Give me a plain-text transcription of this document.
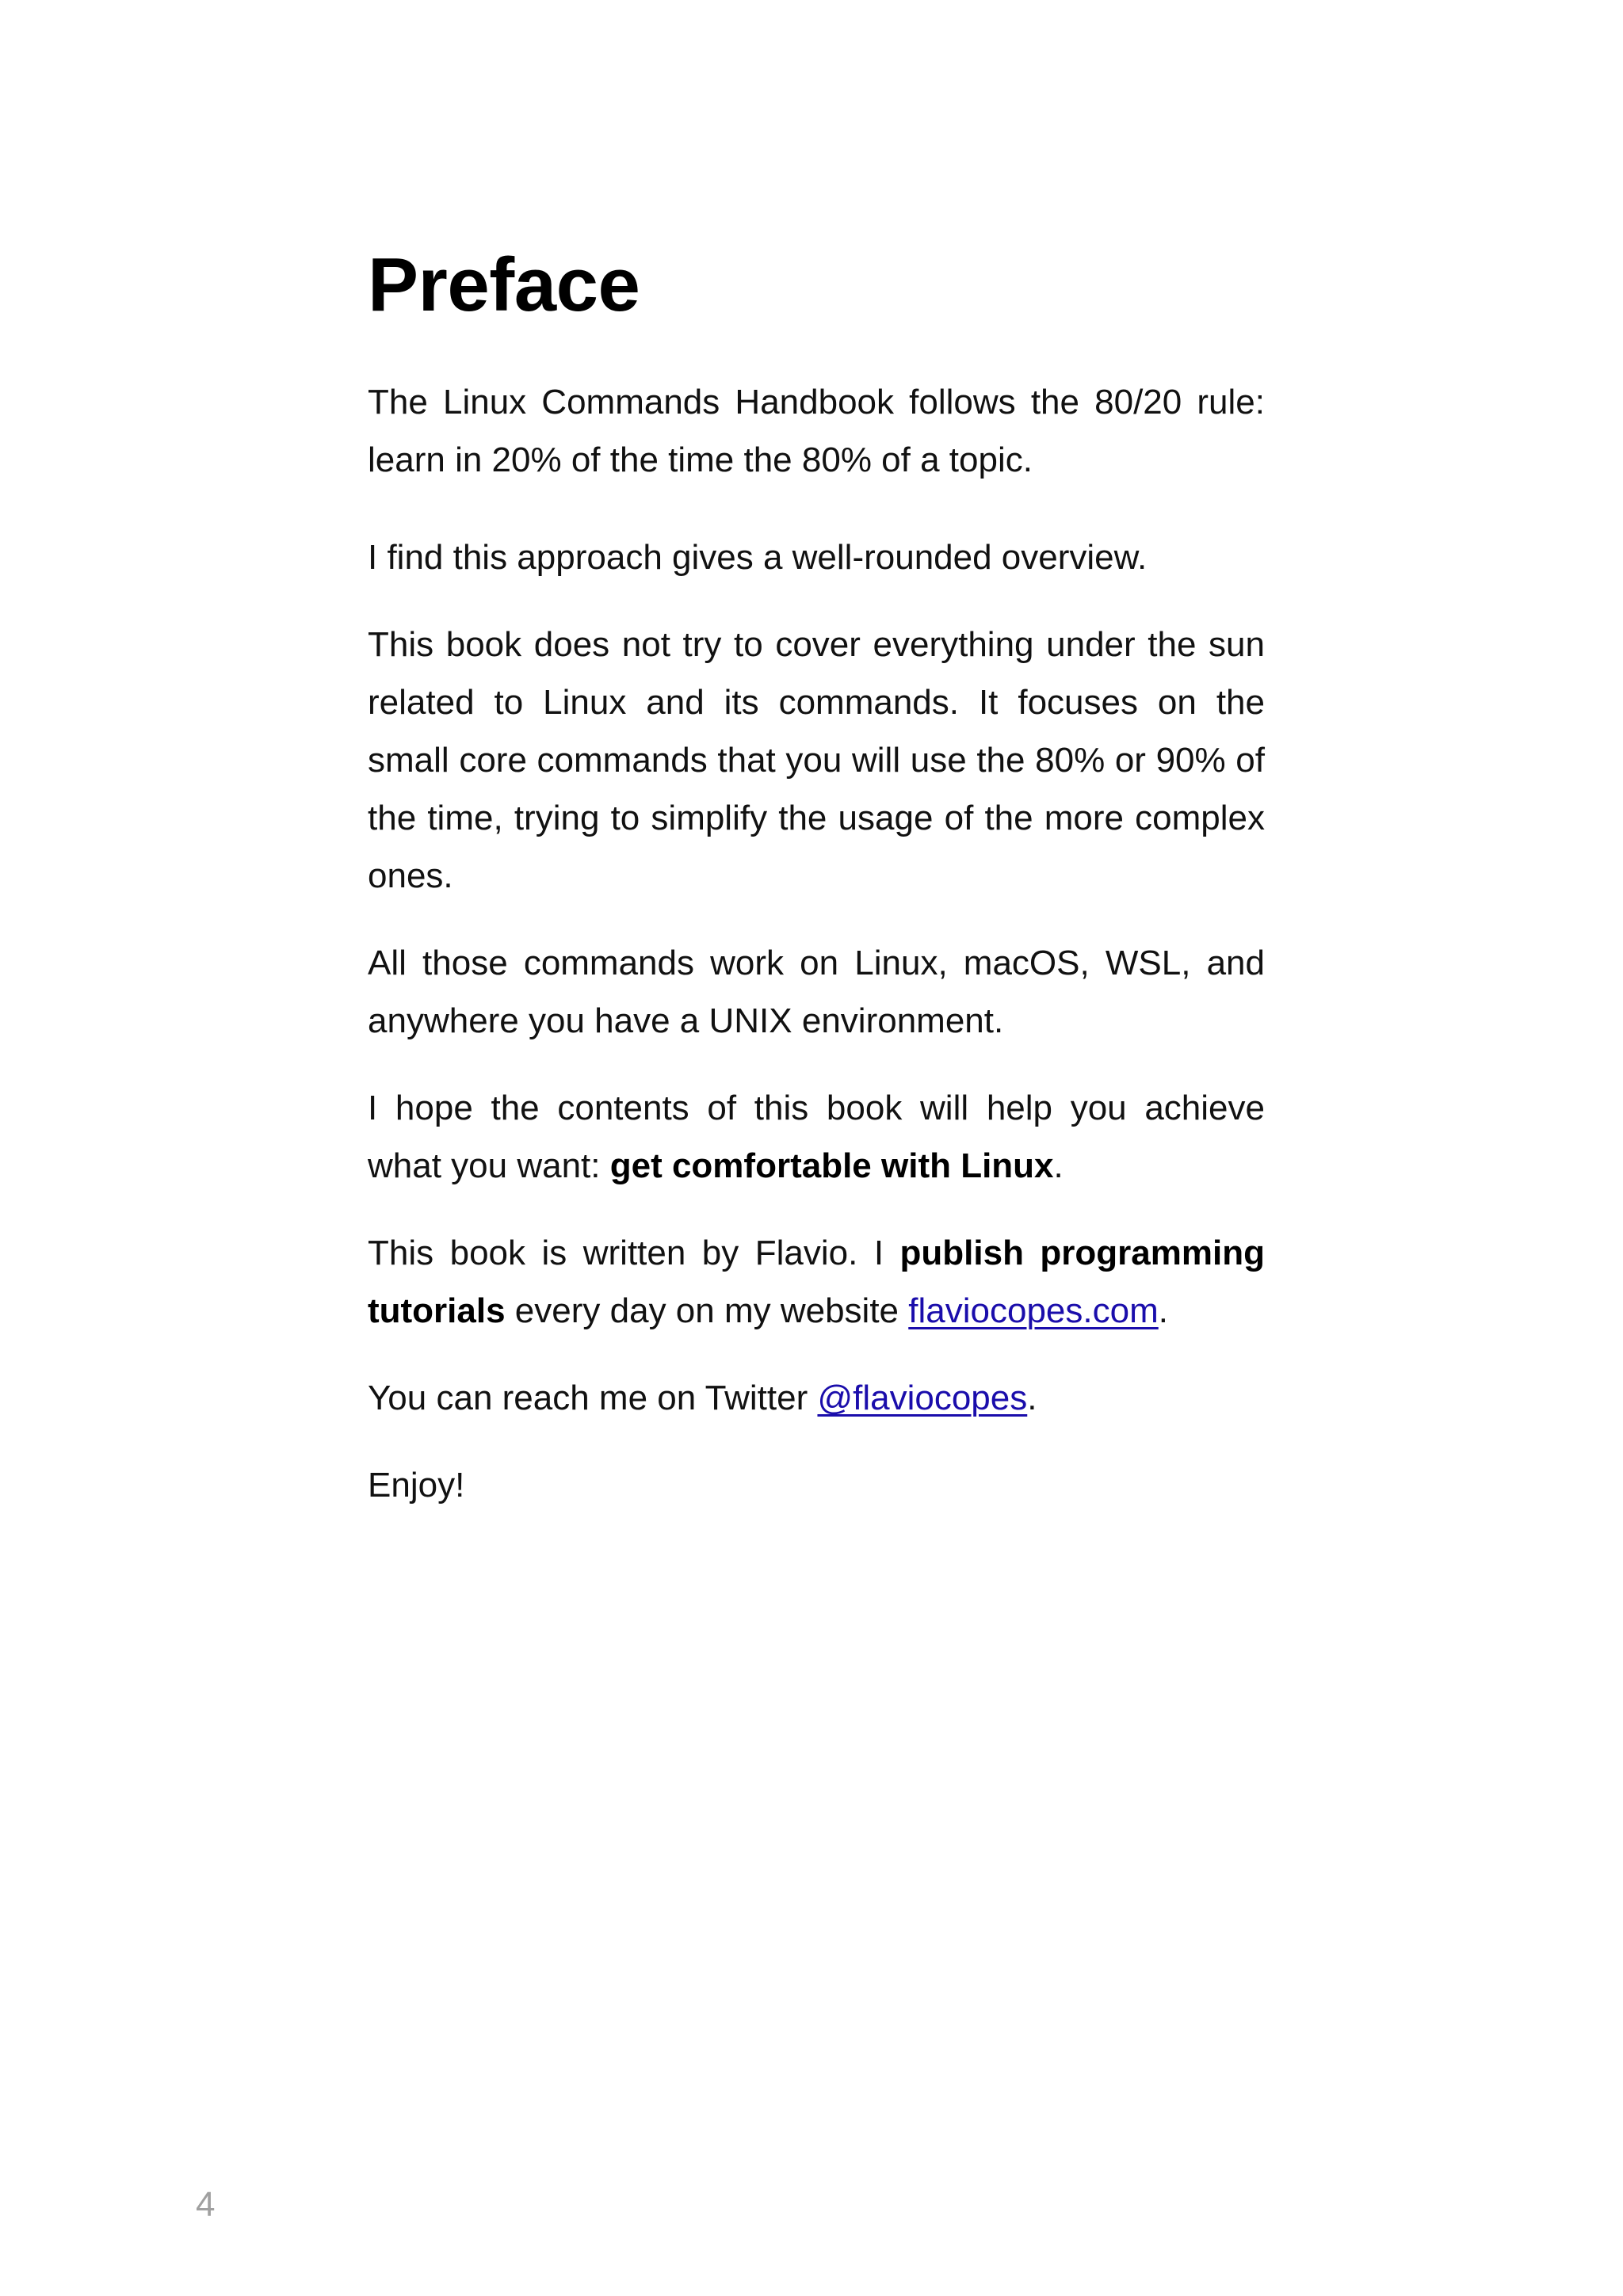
Preface

The Linux Commands Handbook follows the 80/20 rule: learn in 20% of the time the 80% of a topic.

I find this approach gives a well-rounded overview.

This book does not try to cover everything under the sun related to Linux and its commands. It focuses on the small core commands that you will use the 80% or 90% of the time, trying to simplify the usage of the more complex ones.

All those commands work on Linux, macOS, WSL, and anywhere you have a UNIX environment.

I hope the contents of this book will help you achieve what you want: get comfortable with Linux.

This book is written by Flavio. I publish programming tutorials every day on my website flaviocopes.com.

You can reach me on Twitter @flaviocopes.

Enjoy!

4
